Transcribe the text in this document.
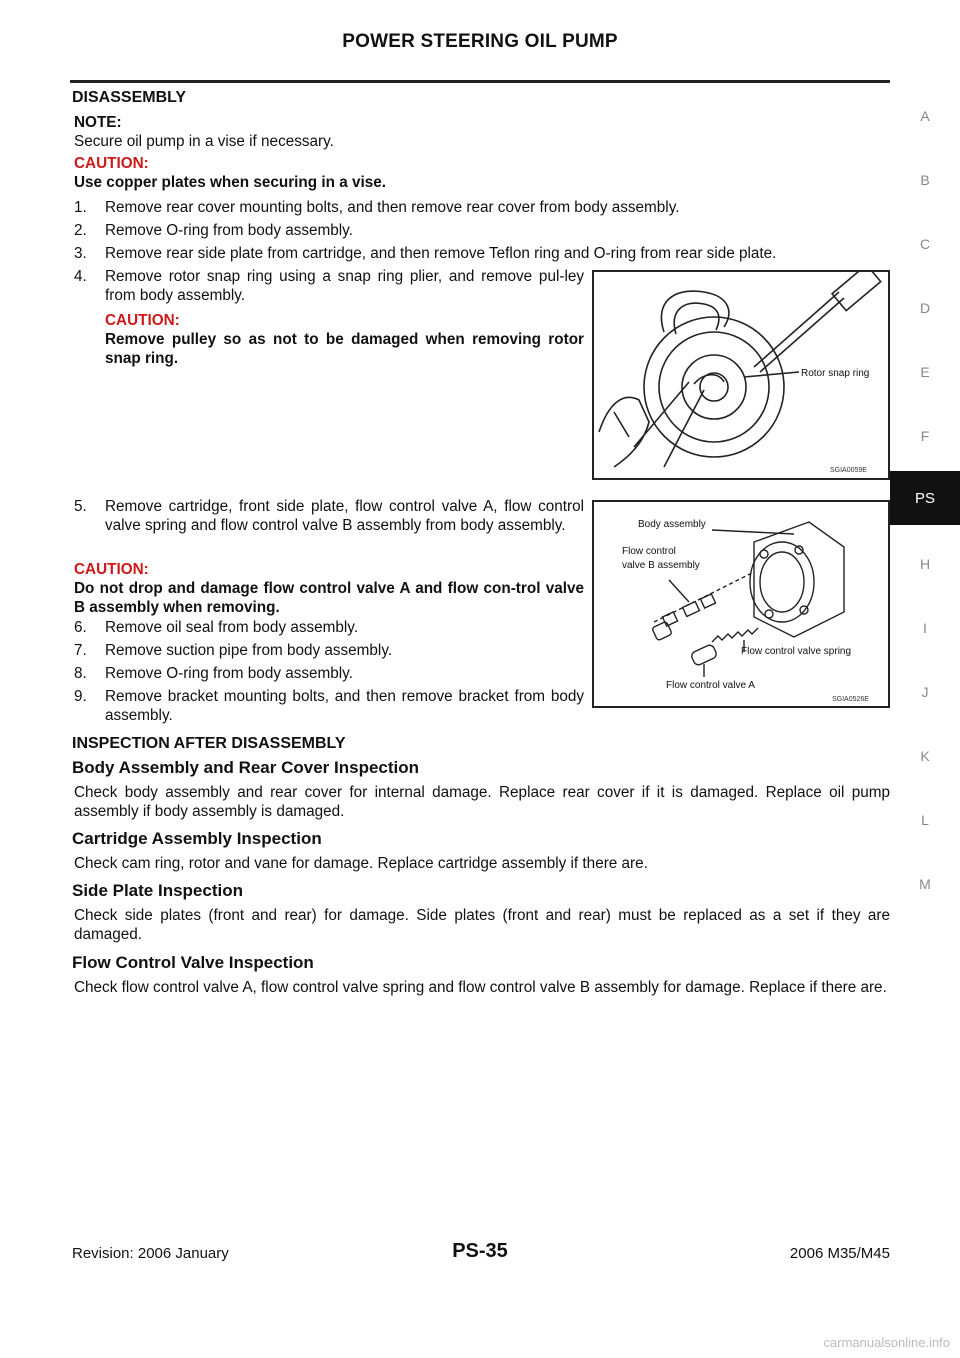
POWER STEERING OIL PUMP
A
B
C
D
E
F
PS
H
I
J
K
L
M
DISASSEMBLY
NOTE:
Secure oil pump in a vise if necessary.
CAUTION:
Use copper plates when securing in a vise.
1.	Remove rear cover mounting bolts, and then remove rear cover from body assembly.
2.	Remove O-ring from body assembly.
3.	Remove rear side plate from cartridge, and then remove Teflon ring and O-ring from rear side plate.
4.	Remove rotor snap ring using a snap ring plier, and remove pul-ley from body assembly.
CAUTION:
Remove pulley so as not to be damaged when removing rotor snap ring.
5.	Remove cartridge, front side plate, flow control valve A, flow control valve spring and flow control valve B assembly from body assembly.
CAUTION:
Do not drop and damage flow control valve A and flow con-trol valve B assembly when removing.
6.	Remove oil seal from body assembly.
7.	Remove suction pipe from body assembly.
8.	Remove O-ring from body assembly.
9.	Remove bracket mounting bolts, and then remove bracket from body assembly.
INSPECTION AFTER DISASSEMBLY
Body Assembly and Rear Cover Inspection
Check body assembly and rear cover for internal damage. Replace rear cover if it is damaged. Replace oil pump assembly if body assembly is damaged.
Cartridge Assembly Inspection
Check cam ring, rotor and vane for damage. Replace cartridge assembly if there are.
Side Plate Inspection
Check side plates (front and rear) for damage. Side plates (front and rear) must be replaced as a set if they are damaged.
Flow Control Valve Inspection
Check flow control valve A, flow control valve spring and flow control valve B assembly for damage. Replace if there are.
Rotor snap ring
SGIA0059E
Body assembly
Flow control
valve B assembly
Flow control valve spring
Flow control valve A
SGIA0526E
Revision: 2006 January	PS-35	2006 M35/M45
carmanualsonline.info
